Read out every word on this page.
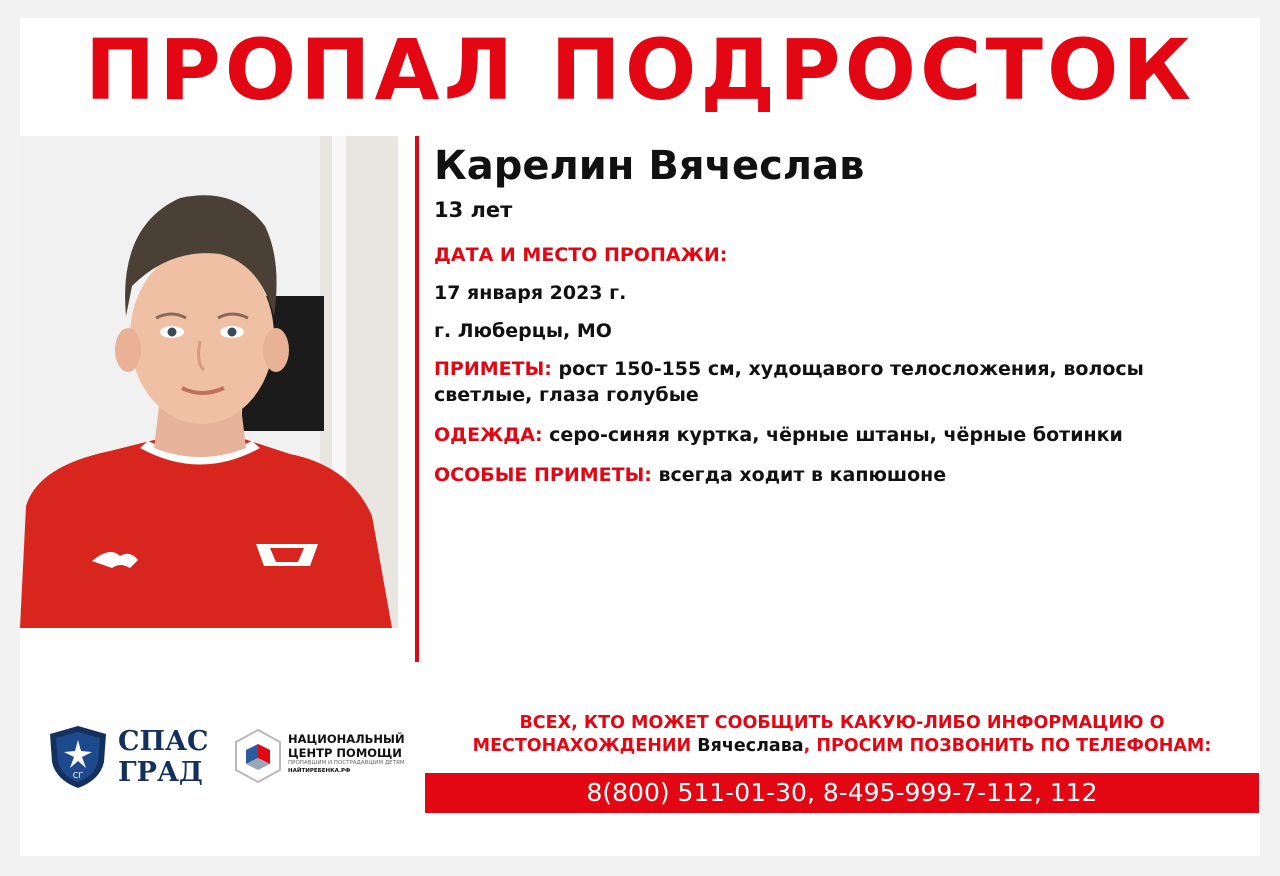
ПРОПАЛ ПОДРОСТОК
Карелин Вячеслав
13 лет
ДАТА И МЕСТО ПРОПАЖИ:
17 января 2023 г.
г. Люберцы, МО
ПРИМЕТЫ: рост 150-155 см, худощавого телосложения, волосы светлые, глаза голубые
ОДЕЖДА: серо-синяя куртка, чёрные штаны, чёрные ботинки
ОСОБЫЕ ПРИМЕТЫ: всегда ходит в капюшоне
СГ
СПАС
ГРАД
НАЦИОНАЛЬНЫЙ
ЦЕНТР ПОМОЩИ
ПРОПАВШИМ И ПОСТРАДАВШИМ ДЕТЯМ
НАЙТИРЕБЕНКА.РФ
ВСЕХ, КТО МОЖЕТ СООБЩИТЬ КАКУЮ-ЛИБО ИНФОРМАЦИЮ О
МЕСТОНАХОЖДЕНИИ Вячеслава, ПРОСИМ ПОЗВОНИТЬ ПО ТЕЛЕФОНАМ:
8(800) 511-01-30, 8-495-999-7-112, 112
